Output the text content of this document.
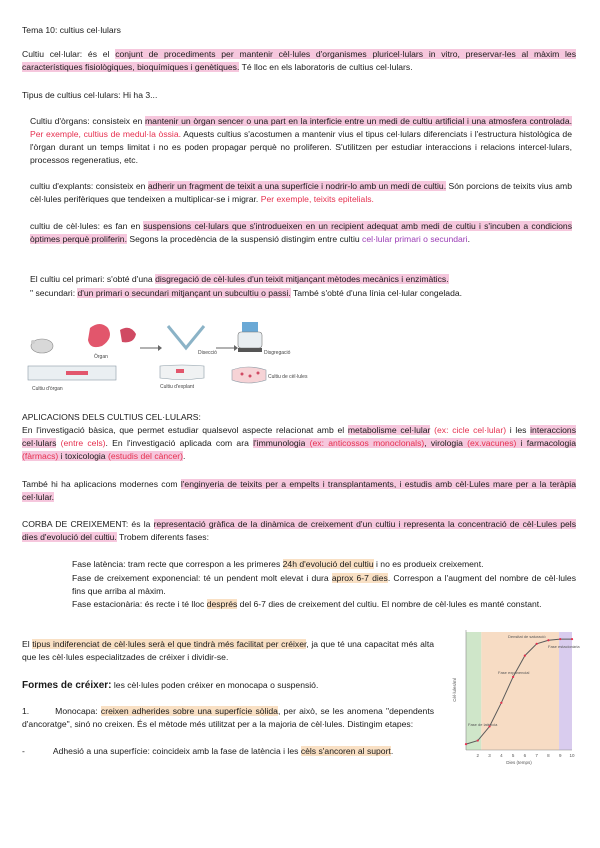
Tema 10: cultius cel·lulars
Cultiu cel·lular: és el conjunt de procediments per mantenir cèl·lules d'organismes pluricel·lulars in vitro, preservar-les al màxim les característiques fisiològiques, bioquímiques i genètiques. Té lloc en els laboratoris de cultius cel·lulars.
Tipus de cultius cel·lulars: Hi ha 3...
Cultiu d'òrgans: consisteix en mantenir un òrgan sencer o una part en la interficie entre un medi de cultiu artificial i una atmosfera controlada. Per exemple, cultius de medul·la òssia. Aquests cultius s'acostumen a mantenir vius el tipus cel·lulars diferenciats i l'estructura histològica de l'òrgan durant un temps limitat i no es poden propagar perquè no proliferen. S'utilitzen per estudiar interaccions i relacions intercel·lulars, processos regeneratius, etc.
cultiu d'explants: consisteix en adherir un fragment de teixit a una superfície i nodrir-lo amb un medi de cultiu. Són porcions de teixits vius amb cèl·lules perifèriques que tendeixen a multiplicar-se i migrar. Per exemple, teixits epitelials.
cultiu de cèl·lules: es fan en suspensions cel·lulars que s'introdueixen en un recipient adequat amb medi de cultiu i s'incuben a condicions òptimes perquè proliferin. Segons la procedència de la suspensió distingim entre cultiu cel·lular primari o secundari.
El cultiu cel primari: s'obté d'una disgregació de cèl·lules d'un teixit mitjançant mètodes mecànics i enzimàtics.
" secundari: d'un primari o secundari mitjançant un subcultiu o passi. També s'obté d'una línia cel·lular congelada.
Òrgan
Cultiu d'òrgan
Disecció
Cultiu d'explant
Disgregació
Cultiu de cèl·lules
APLICACIONS DELS CULTIUS CEL·LULARS:
En l'investigació bàsica, que permet estudiar qualsevol aspecte relacionat amb el metabolisme cel·lular (ex: cicle cel·lular) i les interaccions cel·lulars (entre cels). En l'investigació aplicada com ara l'immunologia (ex: anticossos monoclonals), virologia (ex.vacunes) i farmacologia (fàrmacs) i toxicologia (estudis del càncer).
També hi ha aplicacions modernes com l'enginyeria de teixits per a empelts i transplantaments, i estudis amb cèl·Lules mare per a la teràpia cel·lular.
CORBA DE CREIXEMENT: és la representació gràfica de la dinàmica de creixement d'un cultiu i representa la concentració de cèl·Lules pels dies d'evolució del cultiu. Trobem diferents fases:
Fase latència: tram recte que correspon a les primeres 24h d'evolució del cultiu i no es produeix creixement.
Fase de creixement exponencial: té un pendent molt elevat i dura aprox 6-7 dies. Correspon a l'augment del nombre de cèl·lules fins que arriba al màxim.
Fase estacionària: és recte i té lloc després del 6-7 dies de creixement del cultiu. El nombre de cèl·lules es manté constant.
El tipus indiferenciat de cèl·lules serà el que tindrà més facilitat per créixer, ja que té una capacitat més alta que les cèl·lules especialitzades de créixer i dividir-se.
Formes de créixer: les cèl·lules poden créixer en monocapa o suspensió.
1.	Monocapa: creixen adherides sobre una superfície sòlida, per això, se les anomena "dependents d'ancoratge", sinó no creixen. És el mètode més utilitzat per a la majoria de cèl·lules. Distingim etapes:
-	Adhesió a una superfície: coincideix amb la fase de latència i les cèls s'ancoren al suport.	2 3 4 5 6 7 8 9 10
Dies (temps)
Cèl·lules/ml
Densitat de saturació
Fase de latència
Fase exponencial
Fase estacionària
